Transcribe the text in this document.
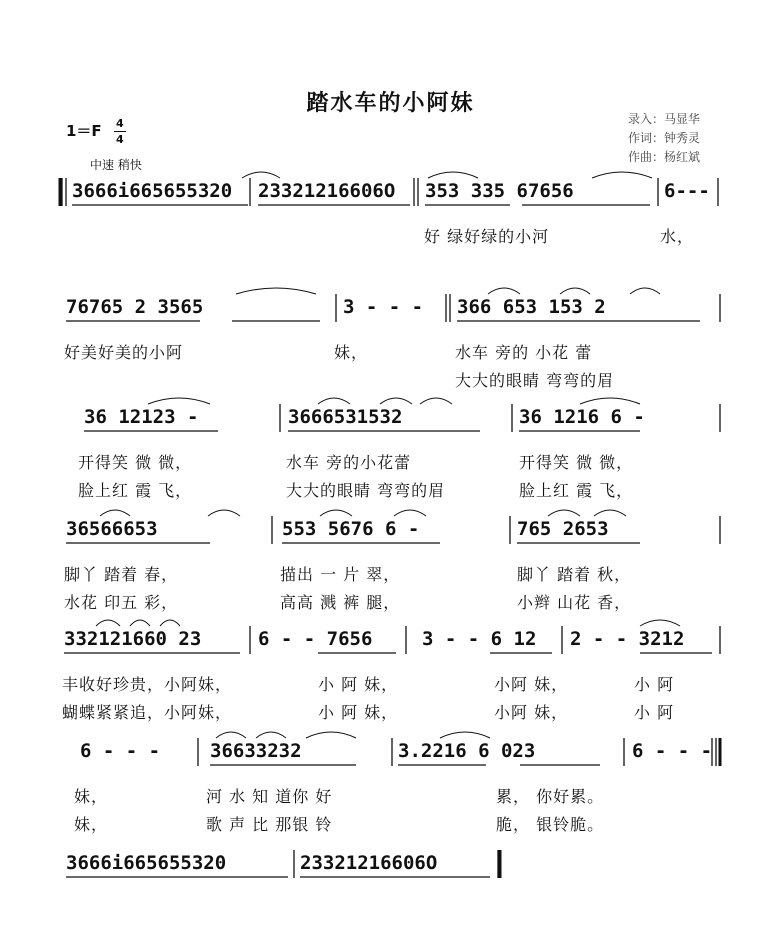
踏水车的小阿妹
录入：马显华
作词：钟秀灵
作曲：杨红斌
1＝F 4
4
中速 稍快
3666i665655320 23321216606O 353 335 67656	6---
好 绿好绿的小河	水，
76765 2 3565	3 - - - 366 653 153 2
好美好美的小阿	妹，	水车 旁的 小花 蕾
大大的眼睛 弯弯的眉
36 12123 -	3666531532	36 1216 6 -
开得笑 微 微，	水车 旁的小花蕾	开得笑 微 微，
脸上红 霞 飞，	大大的眼睛 弯弯的眉	脸上红 霞 飞，
36566653	553 5676 6 -	765 2653
脚丫 踏着 春，	描出 一 片 翠，	脚丫 踏着 秋，
水花 印五 彩，	高高 溅 裤 腿，	小辫 山花 香，
332121660 23	6 - - 7656	3 - - 6 12 2 - - 3212
丰收好珍贵，小阿妹，	小 阿 妹，	小阿 妹，	小 阿
蝴蝶紧紧追，小阿妹，	小 阿 妹，	小阿 妹，	小 阿
6 - - -	36633232	3.2216 6 023	6 - - -
妹，	河 水 知 道你 好	累， 你好累。
妹，	歌 声 比 那银 铃	脆， 银铃脆。
3666i665655320	23321216606O
